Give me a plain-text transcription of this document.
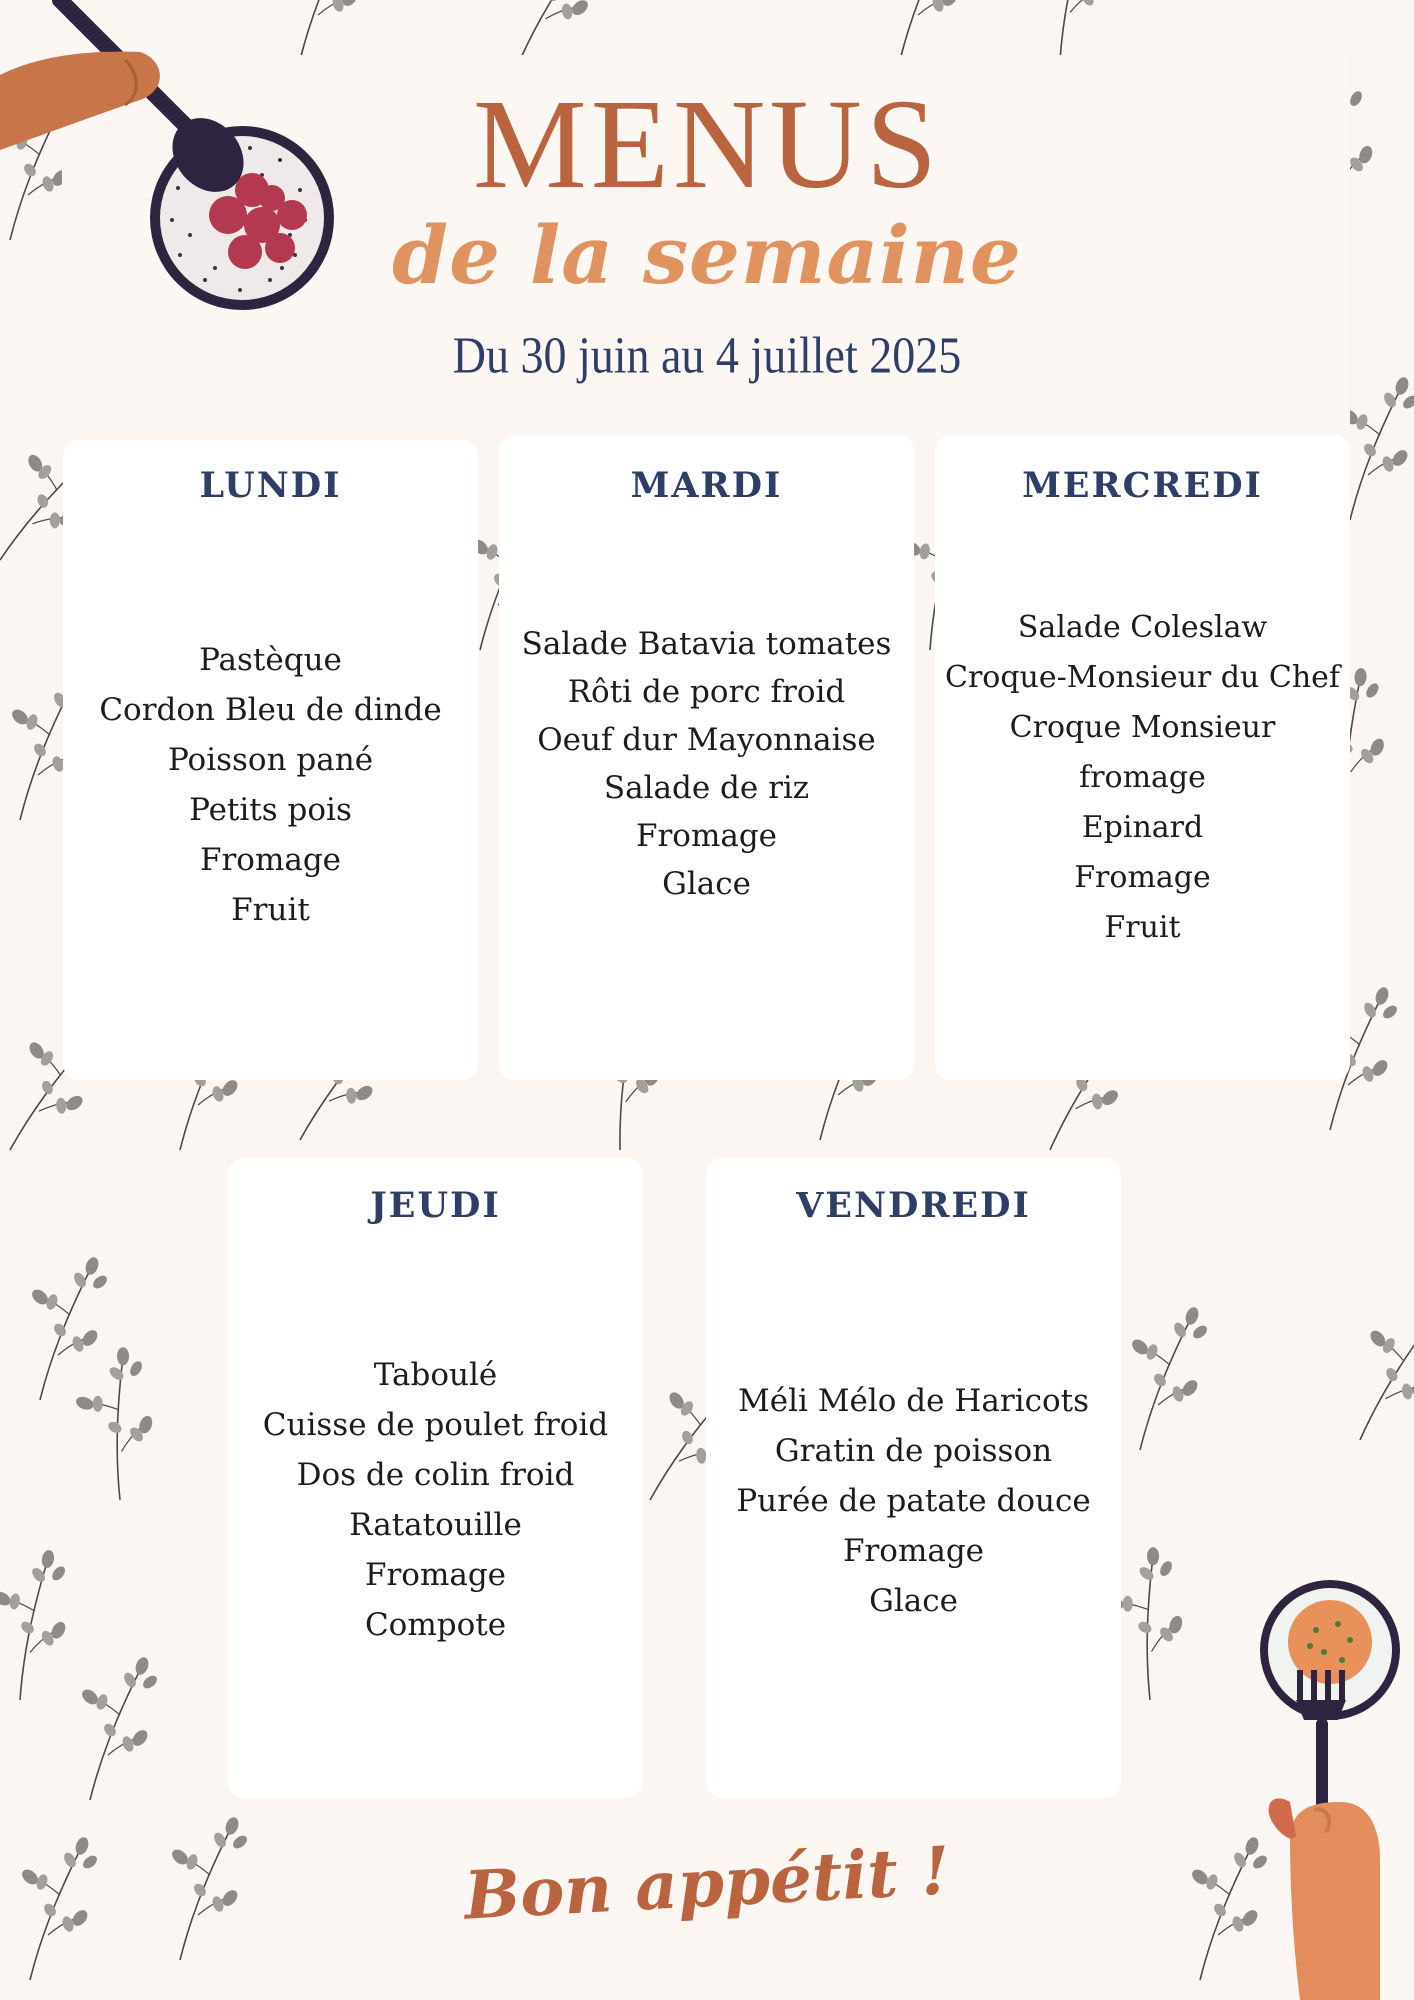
MENUS
de la semaine
Du 30 juin au 4 juillet 2025
LUNDI
Pastèque
Cordon Bleu de dinde
Poisson pané
Petits pois
Fromage
Fruit
MARDI
Salade Batavia tomates
Rôti de porc froid
Oeuf dur Mayonnaise
Salade de riz
Fromage
Glace
MERCREDI
Salade Coleslaw
Croque-Monsieur du Chef
Croque Monsieur
fromage
Epinard
Fromage
Fruit
JEUDI
Taboulé
Cuisse de poulet froid
Dos de colin froid
Ratatouille
Fromage
Compote
VENDREDI
Méli Mélo de Haricots
Gratin de poisson
Purée de patate douce
Fromage
Glace
Bon appétit !
